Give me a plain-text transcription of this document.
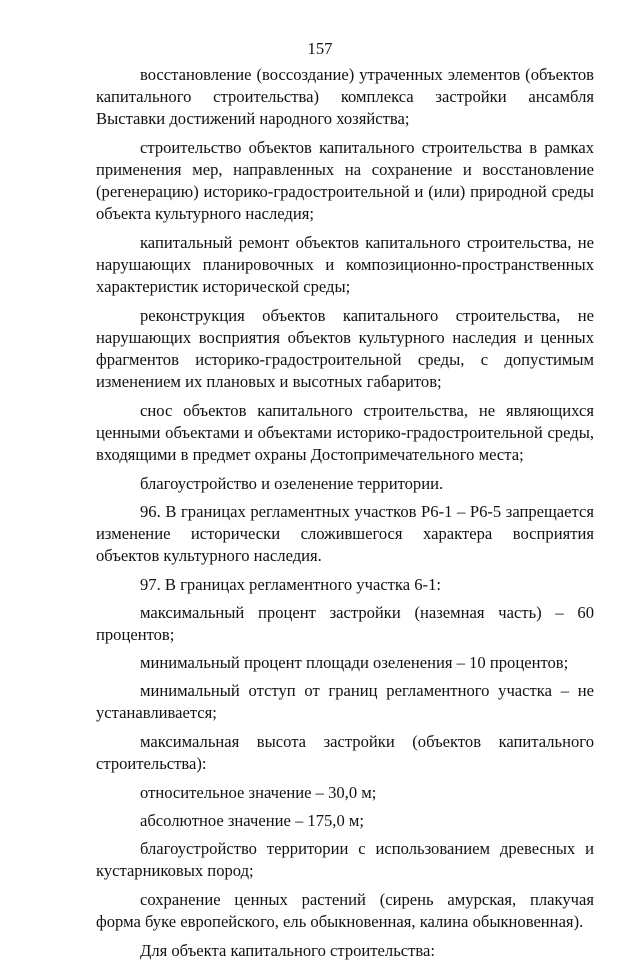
157

восстановление (воссоздание) утраченных элементов (объектов капитального строительства) комплекса застройки ансамбля Выставки достижений народного хозяйства;

строительство объектов капитального строительства в рамках применения мер, направленных на сохранение и восстановление (регенерацию) историко-градостроительной и (или) природной среды объекта культурного наследия;

капитальный ремонт объектов капитального строительства, не нарушающих планировочных и композиционно-пространственных характеристик исторической среды;

реконструкция объектов капитального строительства, не нарушающих восприятия объектов культурного наследия и ценных фрагментов историко-градостроительной среды, с допустимым изменением их плановых и высотных габаритов;

снос объектов капитального строительства, не являющихся ценными объектами и объектами историко-градостроительной среды, входящими в предмет охраны Достопримечательного места;

благоустройство и озеленение территории.

96. В границах регламентных участков Р6-1 – Р6-5 запрещается изменение исторически сложившегося характера восприятия объектов культурного наследия.

97. В границах регламентного участка 6-1:

максимальный процент застройки (наземная часть) – 60 процентов;

минимальный процент площади озеленения – 10 процентов;

минимальный отступ от границ регламентного участка – не устанавливается;

максимальная высота застройки (объектов капитального строительства):

относительное значение – 30,0 м;

абсолютное значение – 175,0 м;

благоустройство территории с использованием древесных и кустарниковых пород;

сохранение ценных растений (сирень амурская, плакучая форма буке европейского, ель обыкновенная, калина обыкновенная).

Для объекта капитального строительства:
